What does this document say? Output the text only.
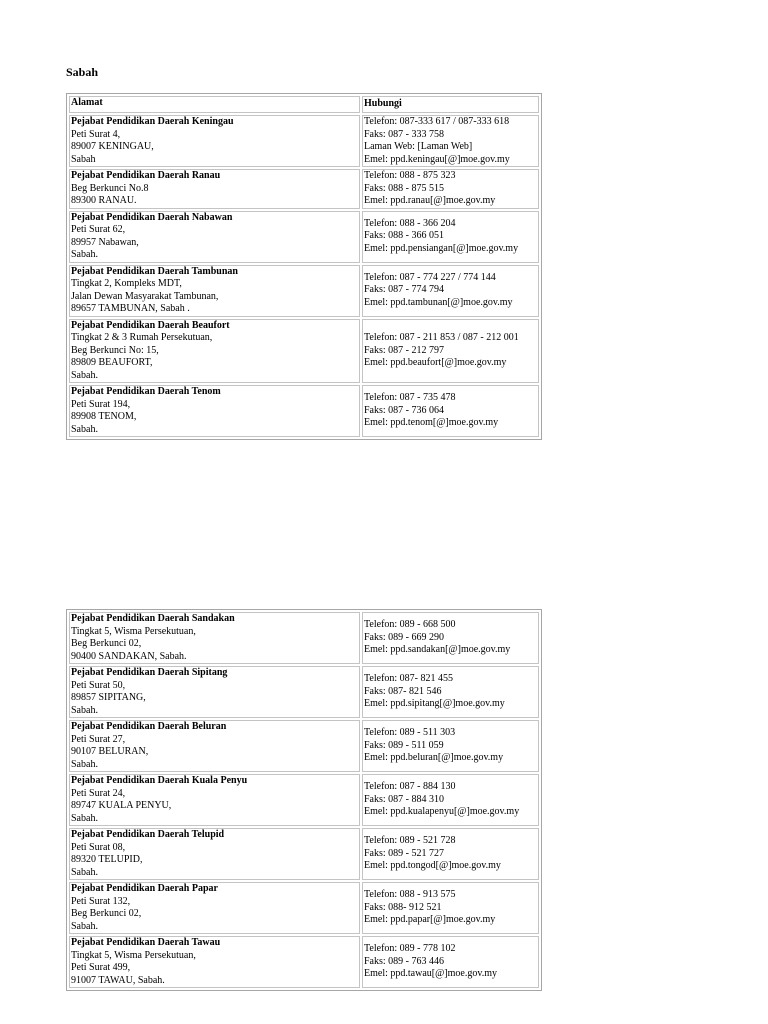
Sabah
Alamat	Hubungi

Pejabat Pendidikan Daerah Keningau
Peti Surat 4,
89007 KENINGAU,
Sabah	Telefon: 087-333 617 / 087-333 618
Faks: 087 - 333 758
Laman Web: [Laman Web]
Emel: ppd.keningau[@]moe.gov.my

Pejabat Pendidikan Daerah Ranau
Beg Berkunci No.8
89300 RANAU.	Telefon: 088 - 875 323
Faks: 088 - 875 515
Emel: ppd.ranau[@]moe.gov.my

Pejabat Pendidikan Daerah Nabawan
Peti Surat 62,
89957 Nabawan,
Sabah.	Telefon: 088 - 366 204
Faks: 088 - 366 051
Emel: ppd.pensiangan[@]moe.gov.my

Pejabat Pendidikan Daerah Tambunan
Tingkat 2, Kompleks MDT,
Jalan Dewan Masyarakat Tambunan,
89657 TAMBUNAN, Sabah .	Telefon: 087 - 774 227 / 774 144
Faks: 087 - 774 794
Emel: ppd.tambunan[@]moe.gov.my

Pejabat Pendidikan Daerah Beaufort
Tingkat 2 & 3 Rumah Persekutuan,
Beg Berkunci No: 15,
89809 BEAUFORT,
Sabah.	Telefon: 087 - 211 853 / 087 - 212 001
Faks: 087 - 212 797
Emel: ppd.beaufort[@]moe.gov.my

Pejabat Pendidikan Daerah Tenom
Peti Surat 194,
89908 TENOM,
Sabah.	Telefon: 087 - 735 478
Faks: 087 - 736 064
Emel: ppd.tenom[@]moe.gov.my
Pejabat Pendidikan Daerah Sandakan
Tingkat 5, Wisma Persekutuan,
Beg Berkunci 02,
90400 SANDAKAN, Sabah.	Telefon: 089 - 668 500
Faks: 089 - 669 290
Emel: ppd.sandakan[@]moe.gov.my

Pejabat Pendidikan Daerah Sipitang
Peti Surat 50,
89857 SIPITANG,
Sabah.	Telefon: 087- 821 455
Faks: 087- 821 546
Emel: ppd.sipitang[@]moe.gov.my

Pejabat Pendidikan Daerah Beluran
Peti Surat 27,
90107 BELURAN,
Sabah.	Telefon: 089 - 511 303
Faks: 089 - 511 059
Emel: ppd.beluran[@]moe.gov.my

Pejabat Pendidikan Daerah Kuala Penyu
Peti Surat 24,
89747 KUALA PENYU,
Sabah.	Telefon: 087 - 884 130
Faks: 087 - 884 310
Emel: ppd.kualapenyu[@]moe.gov.my

Pejabat Pendidikan Daerah Telupid
Peti Surat 08,
89320 TELUPID,
Sabah.	Telefon: 089 - 521 728
Faks: 089 - 521 727
Emel: ppd.tongod[@]moe.gov.my

Pejabat Pendidikan Daerah Papar
Peti Surat 132,
Beg Berkunci 02,
Sabah.	Telefon: 088 - 913 575
Faks: 088- 912 521
Emel: ppd.papar[@]moe.gov.my

Pejabat Pendidikan Daerah Tawau
Tingkat 5, Wisma Persekutuan,
Peti Surat 499,
91007 TAWAU, Sabah.	Telefon: 089 - 778 102
Faks: 089 - 763 446
Emel: ppd.tawau[@]moe.gov.my
